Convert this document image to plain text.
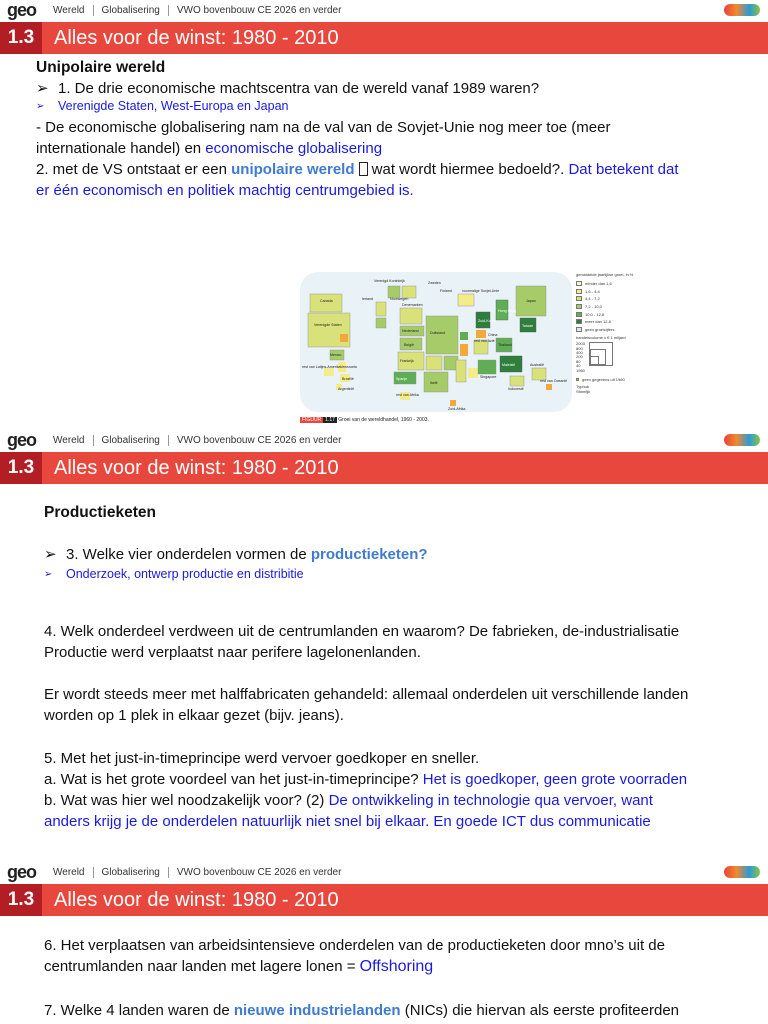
geo	Wereld	Globalisering	VWO bovenbouw CE 2026 en verder
1.3 Alles voor de winst: 1980 - 2010
Unipolaire wereld
➢ 1. De drie economische machtscentra van de wereld vanaf 1989 waren?
➢ Verenigde Staten, West-Europa en Japan
- De economische globalisering nam na de val van de Sovjet-Unie nog meer toe (meer
internationale handel) en economische globalisering
2. met de VS ontstaat er een unipolaire wereld wat wordt hiermee bedoeld?. Dat betekent dat
er één economisch en politiek machtig centrumgebied is.
Canada
Verenigde Staten
Mexico
Ierland
Verenigd Koninkrijk
Noorwegen
Zweden
Finland	voormalige Sovjet-Unie
Denemarken
Nederland	Duitsland
België
Frankrijk
Italië
Spanje
Zuid-Korea
Hong Kong
China
Japan
Taiwan
Thailand
Maleisië
Singapore
Indonesië
Australië
rest van Azië
Venezuela
Brazilië
Argentinië
rest van Latijns-Amerika
rest van Afrika
Zuid-Afrika
rest van Oceanië
FIGUUR 1.17 Groei van de wereldhandel, 1960 - 2003.
gemiddelde jaarlijkse groei, in %
minder dan 1,6
1,6 - 4,4
4,4 - 7,2
7,2 - 10,0
10,0 - 12,8
meer dan 12,8
geen groeicijfers
handelsvolume x € 1 miljard
2003
800
400
200
80
40
1960
geen gegevens uit 1960
Typhuk
Sfomfijk
geo	Wereld	Globalisering	VWO bovenbouw CE 2026 en verder
1.3 Alles voor de winst: 1980 - 2010
Productieketen
➢ 3. Welke vier onderdelen vormen de productieketen?
➢ Onderzoek, ontwerp productie en distribitie
4. Welk onderdeel verdween uit de centrumlanden en waarom? De fabrieken, de-industrialisatie
Productie werd verplaatst naar perifere lagelonenlanden.
Er wordt steeds meer met halffabricaten gehandeld: allemaal onderdelen uit verschillende landen
worden op 1 plek in elkaar gezet (bijv. jeans).
5. Met het just-in-timeprincipe werd vervoer goedkoper en sneller.
a. Wat is het grote voordeel van het just-in-timeprincipe? Het is goedkoper, geen grote voorraden
b. Wat was hier wel noodzakelijk voor? (2) De ontwikkeling in technologie qua vervoer, want
anders krijg je de onderdelen natuurlijk niet snel bij elkaar. En goede ICT dus communicatie
geo	Wereld	Globalisering	VWO bovenbouw CE 2026 en verder
1.3 Alles voor de winst: 1980 - 2010
6. Het verplaatsen van arbeidsintensieve onderdelen van de productieketen door mno’s uit de
centrumlanden naar landen met lagere lonen = Offshoring
7. Welke 4 landen waren de nieuwe industrielanden (NICs) die hiervan als eerste profiteerden
